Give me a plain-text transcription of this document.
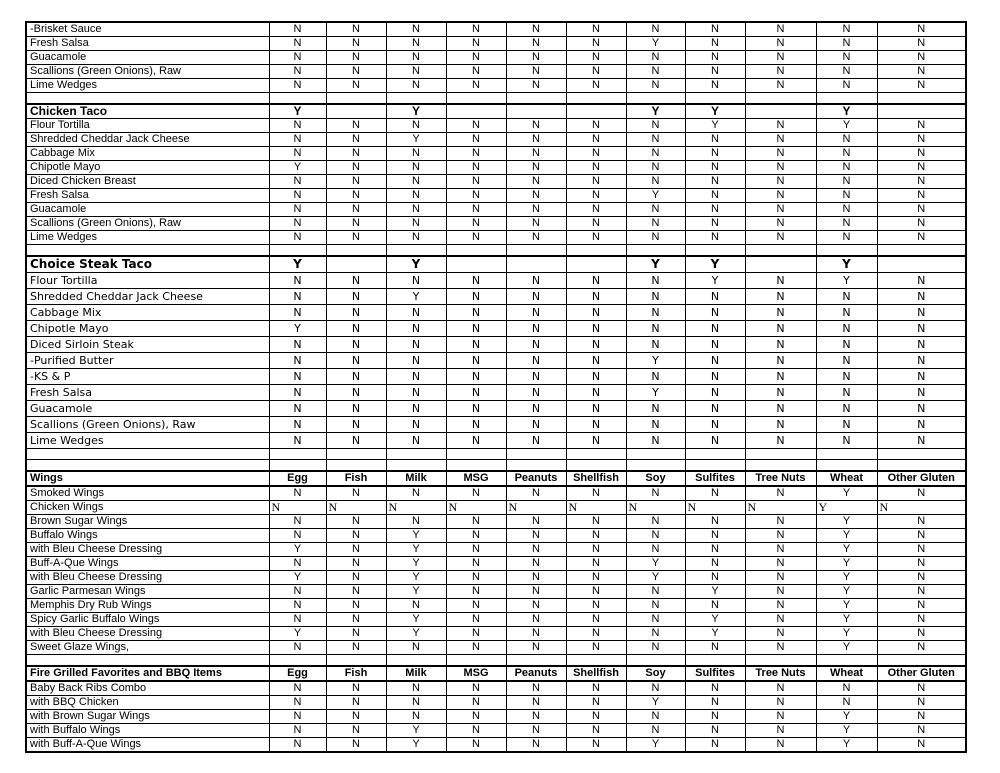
-Brisket Sauce	N	N	N	N	N	N	N	N	N	N	N
Fresh Salsa	N	N	N	N	N	N	Y	N	N	N	N
Guacamole	N	N	N	N	N	N	N	N	N	N	N
Scallions (Green Onions), Raw	N	N	N	N	N	N	N	N	N	N	N
Lime Wedges	N	N	N	N	N	N	N	N	N	N	N

Chicken Taco	Y		Y				Y	Y		Y	
Flour Tortilla	N	N	N	N	N	N	N	Y	N	Y	N
Shredded Cheddar Jack Cheese	N	N	Y	N	N	N	N	N	N	N	N
Cabbage Mix	N	N	N	N	N	N	N	N	N	N	N
Chipotle Mayo	Y	N	N	N	N	N	N	N	N	N	N
Diced Chicken Breast	N	N	N	N	N	N	N	N	N	N	N
Fresh Salsa	N	N	N	N	N	N	Y	N	N	N	N
Guacamole	N	N	N	N	N	N	N	N	N	N	N
Scallions (Green Onions), Raw	N	N	N	N	N	N	N	N	N	N	N
Lime Wedges	N	N	N	N	N	N	N	N	N	N	N

Choice Steak Taco	Y		Y				Y	Y		Y	
Flour Tortilla	N	N	N	N	N	N	N	Y	N	Y	N
Shredded Cheddar Jack Cheese	N	N	Y	N	N	N	N	N	N	N	N
Cabbage Mix	N	N	N	N	N	N	N	N	N	N	N
Chipotle Mayo	Y	N	N	N	N	N	N	N	N	N	N
Diced Sirloin Steak	N	N	N	N	N	N	N	N	N	N	N
-Purified Butter	N	N	N	N	N	N	Y	N	N	N	N
-KS & P	N	N	N	N	N	N	N	N	N	N	N
Fresh Salsa	N	N	N	N	N	N	Y	N	N	N	N
Guacamole	N	N	N	N	N	N	N	N	N	N	N
Scallions (Green Onions), Raw	N	N	N	N	N	N	N	N	N	N	N
Lime Wedges	N	N	N	N	N	N	N	N	N	N	N

Wings	Egg	Fish	Milk	MSG	Peanuts	Shellfish	Soy	Sulfites	Tree Nuts	Wheat	Other Gluten
Smoked Wings	N	N	N	N	N	N	N	N	N	Y	N
Chicken Wings	N	N	N	N	N	N	N	N	N	Y	N
Brown Sugar Wings	N	N	N	N	N	N	N	N	N	Y	N
Buffalo Wings	N	N	Y	N	N	N	N	N	N	Y	N
with Bleu Cheese Dressing	Y	N	Y	N	N	N	N	N	N	Y	N
Buff-A-Que Wings	N	N	Y	N	N	N	Y	N	N	Y	N
with Bleu Cheese Dressing	Y	N	Y	N	N	N	Y	N	N	Y	N
Garlic Parmesan Wings	N	N	Y	N	N	N	N	Y	N	Y	N
Memphis Dry Rub Wings	N	N	N	N	N	N	N	N	N	Y	N
Spicy Garlic Buffalo Wings	N	N	Y	N	N	N	N	Y	N	Y	N
with Bleu Cheese Dressing	Y	N	Y	N	N	N	N	Y	N	Y	N
Sweet Glaze Wings,	N	N	N	N	N	N	N	N	N	Y	N

Fire Grilled Favorites and BBQ Items	Egg	Fish	Milk	MSG	Peanuts	Shellfish	Soy	Sulfites	Tree Nuts	Wheat	Other Gluten
Baby Back Ribs Combo	N	N	N	N	N	N	N	N	N	N	N
with BBQ Chicken	N	N	N	N	N	N	Y	N	N	N	N
with Brown Sugar Wings	N	N	N	N	N	N	N	N	N	Y	N
with Buffalo Wings	N	N	Y	N	N	N	N	N	N	Y	N
with Buff-A-Que Wings	N	N	Y	N	N	N	Y	N	N	Y	N
